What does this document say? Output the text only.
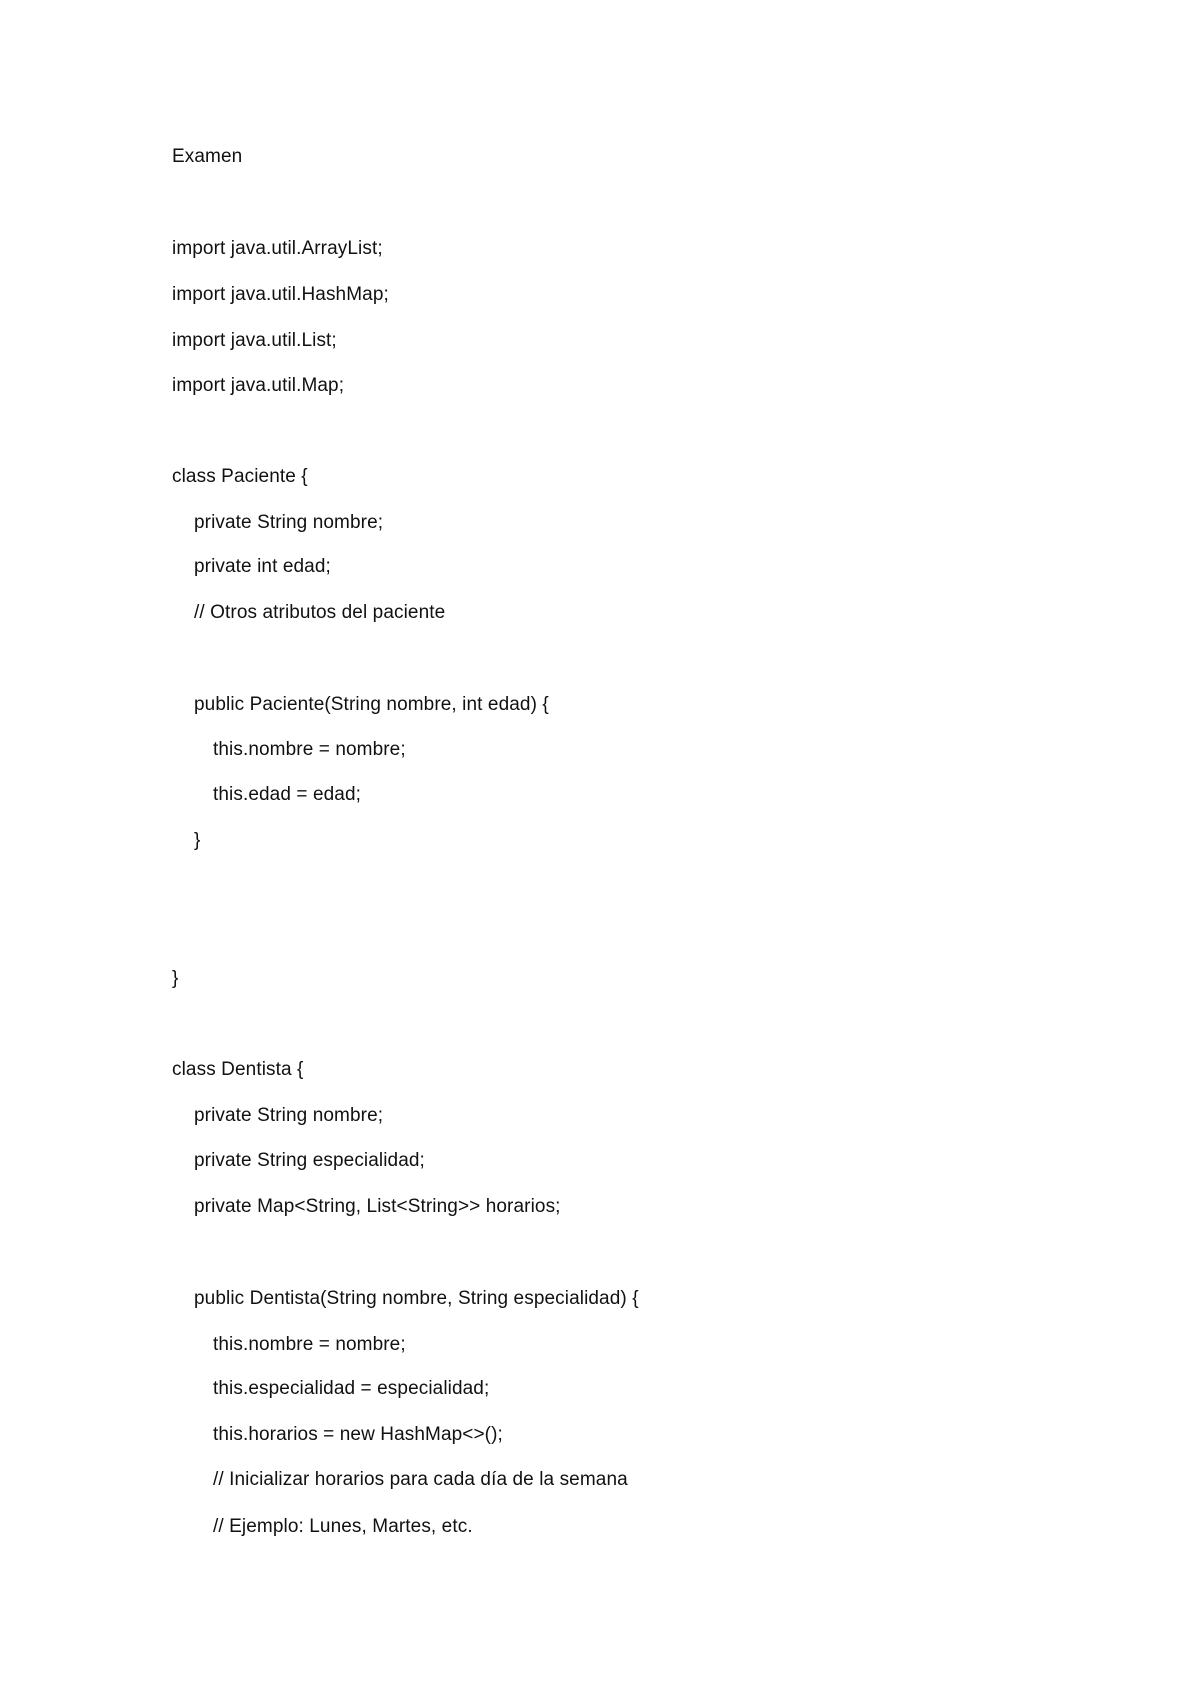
Examen
import java.util.ArrayList;
import java.util.HashMap;
import java.util.List;
import java.util.Map;
class Paciente {
private String nombre;
private int edad;
// Otros atributos del paciente
public Paciente(String nombre, int edad) {
this.nombre = nombre;
this.edad = edad;
}
}
class Dentista {
private String nombre;
private String especialidad;
private Map<String, List<String>> horarios;
public Dentista(String nombre, String especialidad) {
this.nombre = nombre;
this.especialidad = especialidad;
this.horarios = new HashMap<>();
// Inicializar horarios para cada día de la semana
// Ejemplo: Lunes, Martes, etc.
